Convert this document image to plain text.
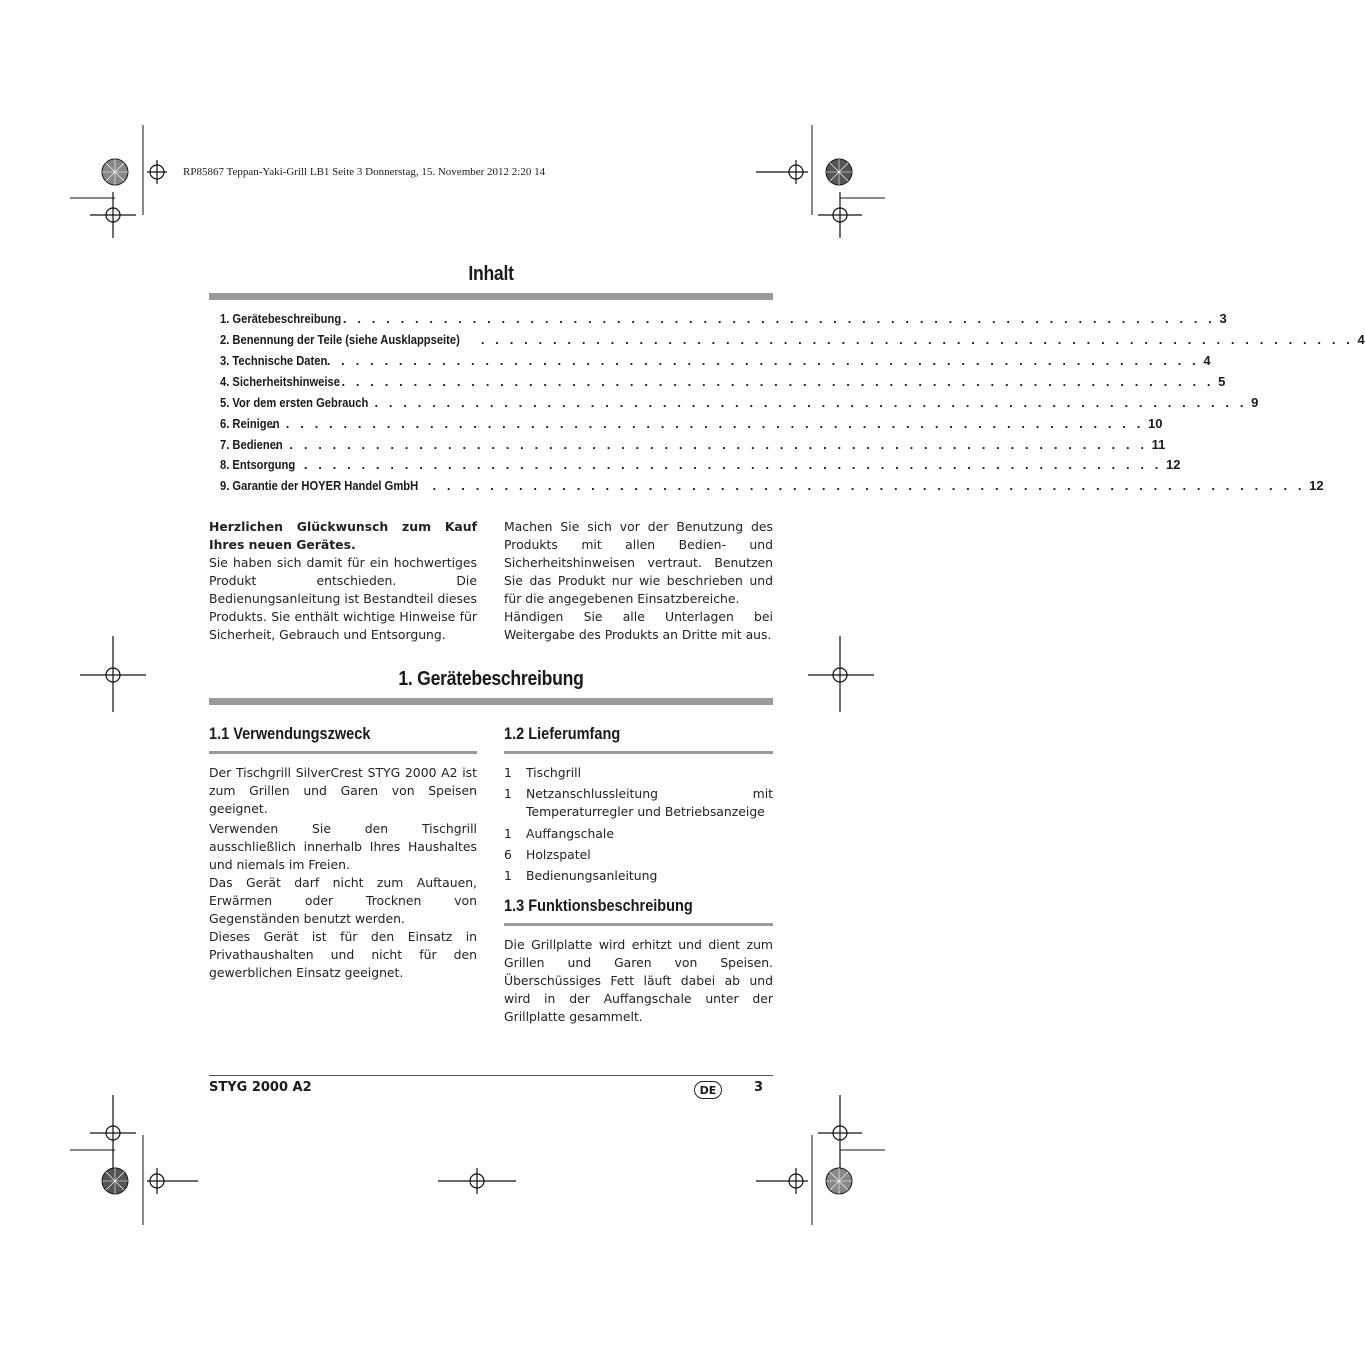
RP85867 Teppan-Yaki-Grill LB1 Seite 3 Donnerstag, 15. November 2012 2:20 14
Inhalt
1. Gerätebeschreibung . . . . . . . . . . . . . . . . . . . . . . . . . . . . . . . . . . . . . . . . . . . . . . . . . . . . . . . . . . . . . 3
2. Benennung der Teile (siehe Ausklappseite) . . . . . . . . . . . . . . . . . . . . . . . . . . . . . . . . . . . . . . . . . . . . . . . . . . . . . . . . . . . . . 4
3. Technische Daten . . . . . . . . . . . . . . . . . . . . . . . . . . . . . . . . . . . . . . . . . . . . . . . . . . . . . . . . . . . . . 4
4. Sicherheitshinweise . . . . . . . . . . . . . . . . . . . . . . . . . . . . . . . . . . . . . . . . . . . . . . . . . . . . . . . . . . . . . 5
5. Vor dem ersten Gebrauch . . . . . . . . . . . . . . . . . . . . . . . . . . . . . . . . . . . . . . . . . . . . . . . . . . . . . . . . . . . . . 9
6. Reinigen
. . . . . . . . . . . . . . . . . . . . . . . . . . . . . . . . . . . . . . . . . . . . . . . . . . . . . . . . . . . . . 10
7. Bedienen
. . . . . . . . . . . . . . . . . . . . . . . . . . . . . . . . . . . . . . . . . . . . . . . . . . . . . . . . . . . . . 11
8. Entsorgung
. . . . . . . . . . . . . . . . . . . . . . . . . . . . . . . . . . . . . . . . . . . . . . . . . . . . . . . . . . . . . 12
9. Garantie der HOYER Handel GmbH . . . . . . . . . . . . . . . . . . . . . . . . . . . . . . . . . . . . . . . . . . . . . . . . . . . . . . . . . . . . . 12

Herzlichen Glückwunsch zum Kauf Ihres neuen Gerätes.

Sie haben sich damit für ein hochwertiges Produkt entschieden. Die Bedienungsanleitung ist Bestandteil dieses Produkts. Sie enthält wichtige Hinweise für Sicherheit, Gebrauch und Entsorgung.

Machen Sie sich vor der Benutzung des Produkts mit allen Bedien- und Sicherheitshinweisen vertraut. Benutzen Sie das Produkt nur wie beschrieben und für die angegebenen Einsatzbereiche.

Händigen Sie alle Unterlagen bei Weitergabe des Produkts an Dritte mit aus.

1. Gerätebeschreibung
1.1 Verwendungszweck

Der Tischgrill SilverCrest STYG 2000 A2 ist zum Grillen und Garen von Speisen geeignet.

Verwenden Sie den Tischgrill ausschließlich innerhalb Ihres Haushaltes und niemals im Freien.

Das Gerät darf nicht zum Auftauen, Erwärmen oder Trocknen von Gegenständen benutzt werden.

Dieses Gerät ist für den Einsatz in Privathaushalten und nicht für den gewerblichen Einsatz geeignet.

1.2 Lieferumfang
1 Tischgrill
1 Netzanschlussleitung mit Temperaturregler und Betriebsanzeige
1 Auffangschale
6 Holzspatel
1 Bedienungsanleitung
1.3 Funktionsbeschreibung
Die Grillplatte wird erhitzt und dient zum Grillen und Garen von Speisen. Überschüssiges Fett läuft dabei ab und wird in der Auffangschale unter der Grillplatte gesammelt.
STYG 2000 A2	DE	3
